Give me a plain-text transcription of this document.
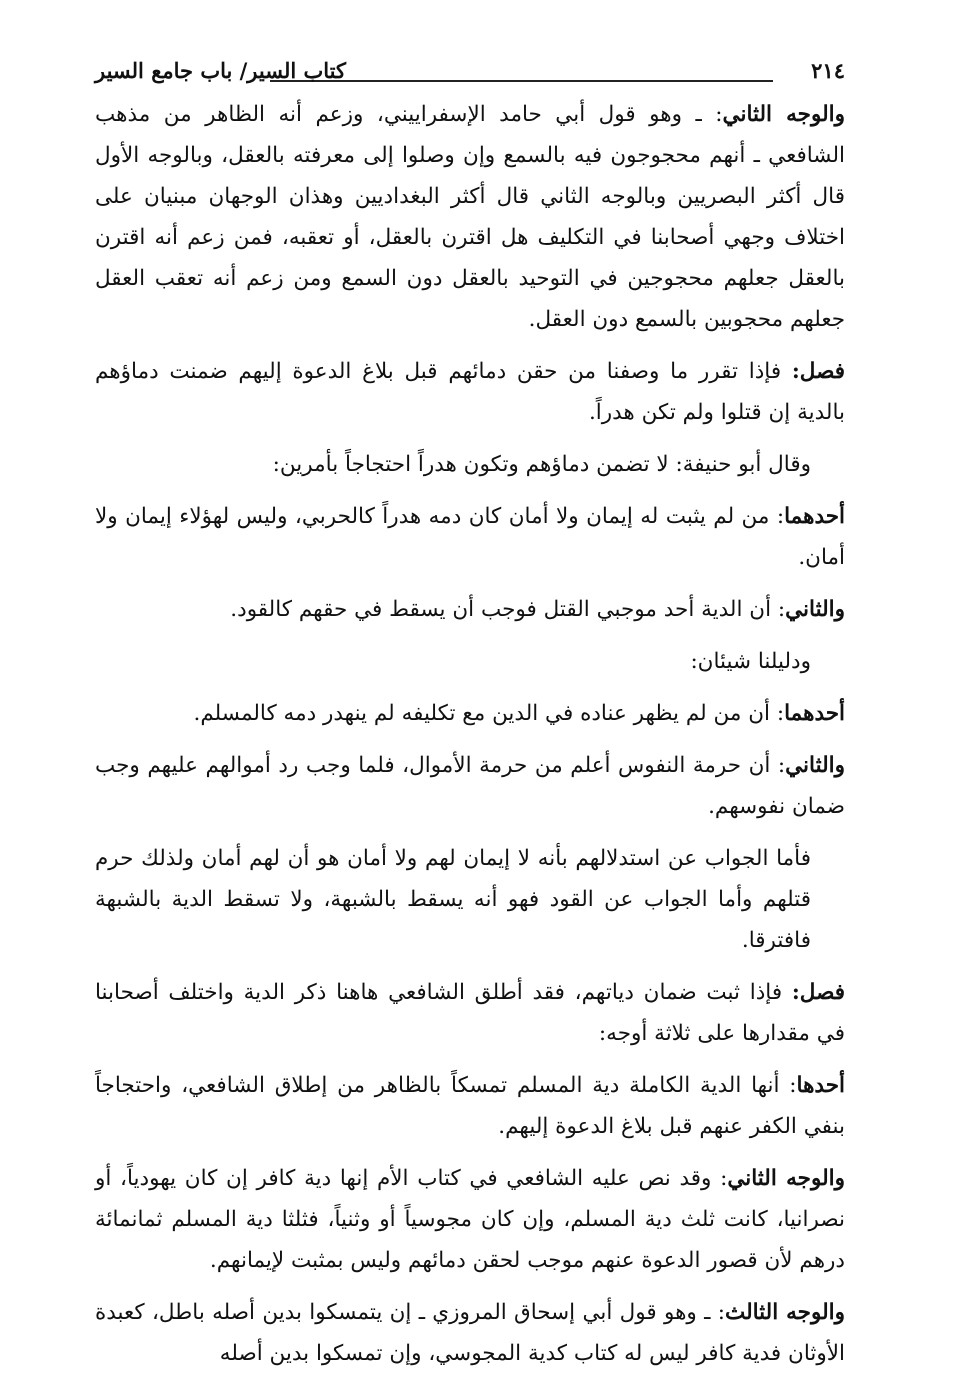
٢١٤
كتاب السير/ باب جامع السير

والوجه الثاني: ـ وهو قول أبي حامد الإسفراييني، وزعم أنه الظاهر من مذهب الشافعي ـ أنهم محجوجون فيه بالسمع وإن وصلوا إلى معرفته بالعقل، وبالوجه الأول قال أكثر البصريين وبالوجه الثاني قال أكثر البغداديين وهذان الوجهان مبنيان على اختلاف وجهي أصحابنا في التكليف هل اقترن بالعقل، أو تعقبه، فمن زعم أنه اقترن بالعقل جعلهم محجوجين في التوحيد بالعقل دون السمع ومن زعم أنه تعقب العقل جعلهم محجوبين بالسمع دون العقل.

فصل: فإذا تقرر ما وصفنا من حقن دمائهم قبل بلاغ الدعوة إليهم ضمنت دماؤهم بالدية إن قتلوا ولم تكن هدراً.

وقال أبو حنيفة: لا تضمن دماؤهم وتكون هدراً احتجاجاً بأمرين:

أحدهما: من لم يثبت له إيمان ولا أمان كان دمه هدراً كالحربي، وليس لهؤلاء إيمان ولا أمان.

والثاني: أن الدية أحد موجبي القتل فوجب أن يسقط في حقهم كالقود.

ودليلنا شيئان:

أحدهما: أن من لم يظهر عناده في الدين مع تكليفه لم ينهدر دمه كالمسلم.

والثاني: أن حرمة النفوس أعلم من حرمة الأموال، فلما وجب رد أموالهم عليهم وجب ضمان نفوسهم.

فأما الجواب عن استدلالهم بأنه لا إيمان لهم ولا أمان هو أن لهم أمان ولذلك حرم قتلهم وأما الجواب عن القود فهو أنه يسقط بالشبهة، ولا تسقط الدية بالشبهة فافترقا.

فصل: فإذا ثبت ضمان دياتهم، فقد أطلق الشافعي هاهنا ذكر الدية واختلف أصحابنا في مقدارها على ثلاثة أوجه:

أحدها: أنها الدية الكاملة دية المسلم تمسكاً بالظاهر من إطلاق الشافعي، واحتجاجاً بنفي الكفر عنهم قبل بلاغ الدعوة إليهم.

والوجه الثاني: وقد نص عليه الشافعي في كتاب الأم إنها دية كافر إن كان يهودياً، أو نصرانيا، كانت ثلث دية المسلم، وإن كان مجوسياً أو وثنياً، فثلثا دية المسلم ثمانمائة درهم لأن قصور الدعوة عنهم موجب لحقن دمائهم وليس بمثبت لإيمانهم.

والوجه الثالث: ـ وهو قول أبي إسحاق المروزي ـ إن يتمسكوا بدين أصله باطل، كعبدة الأوثان فدية كافر ليس له كتاب كدية المجوسي، وإن تمسكوا بدين أصله
